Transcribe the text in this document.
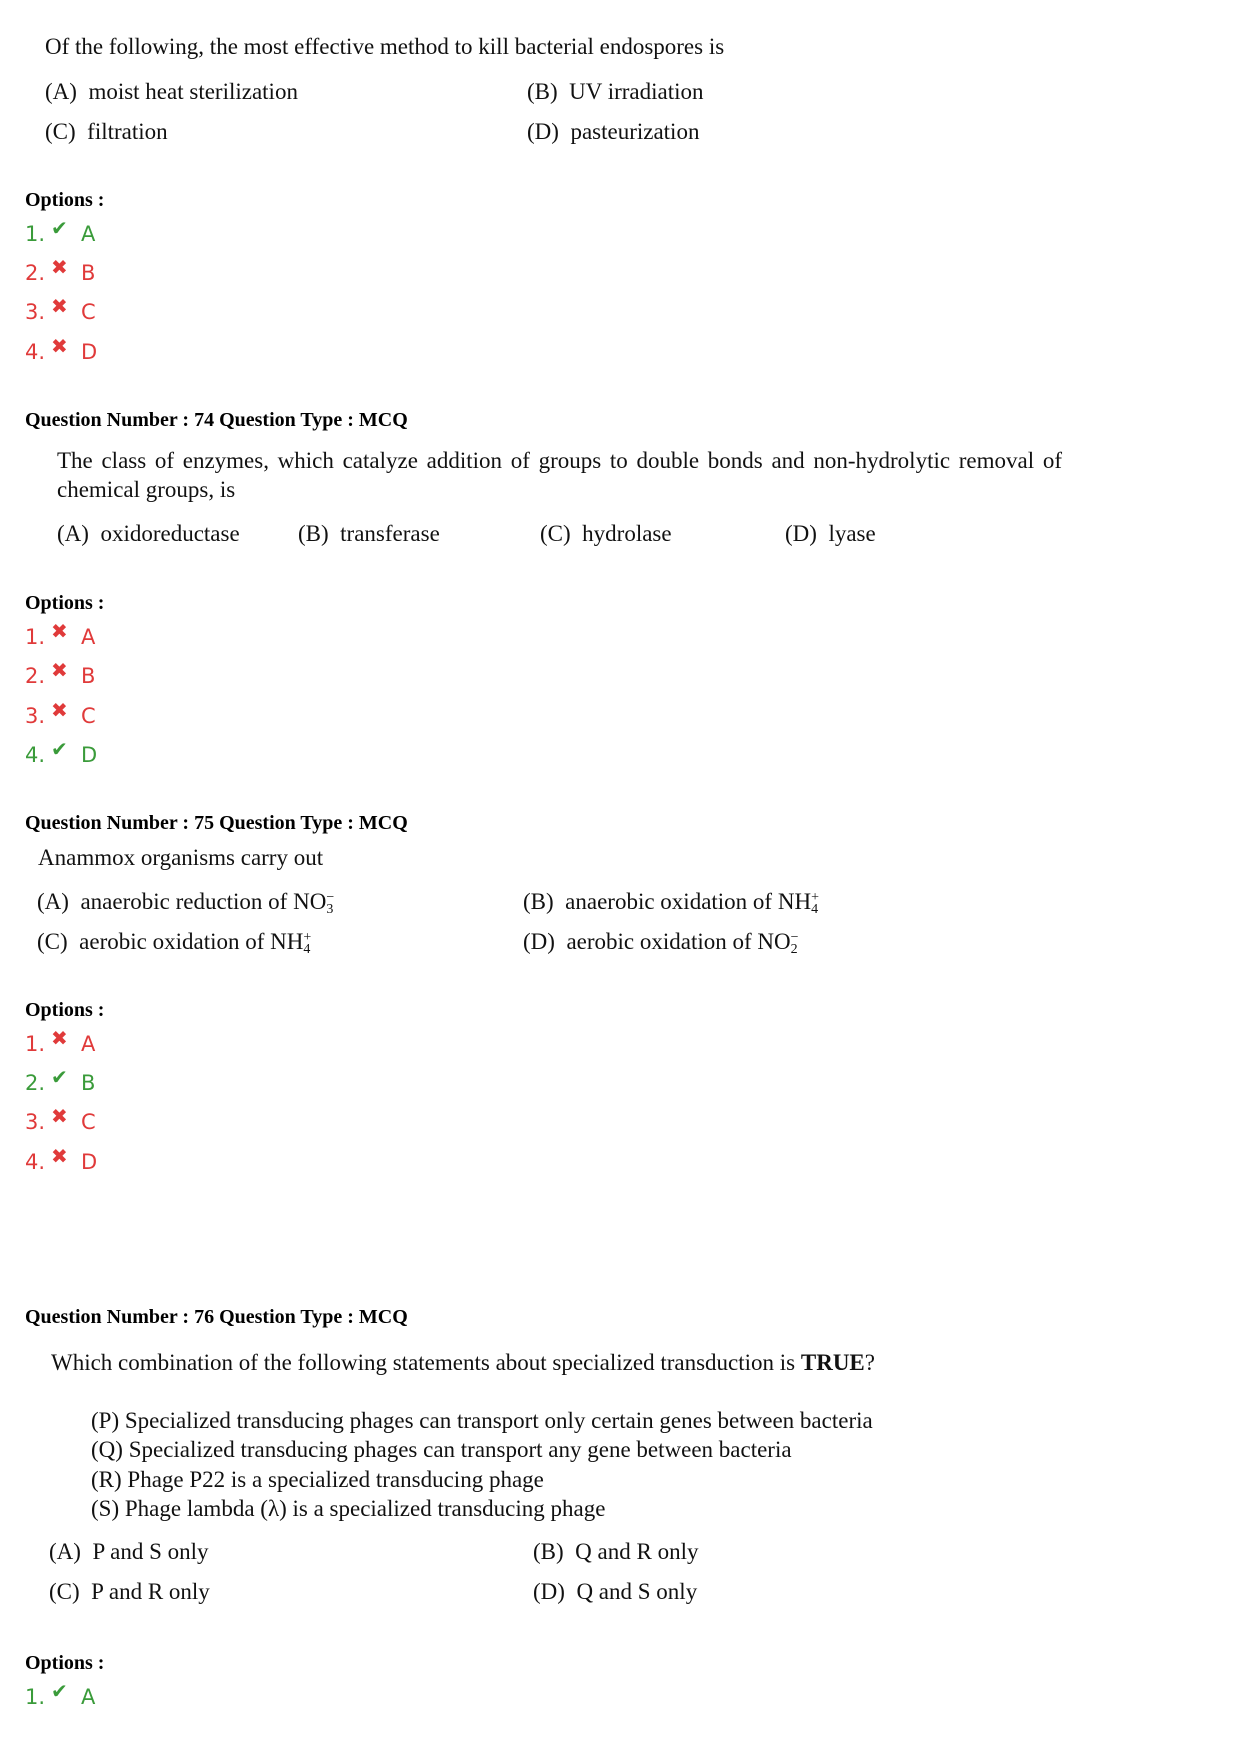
Of the following, the most effective method to kill bacterial endospores is
(A) moist heat sterilization	(B) UV irradiation
(C) filtration	(D) pasteurization
Options :
1. ✔ A
2. ✖ B
3. ✖ C
4. ✖ D
Question Number : 74 Question Type : MCQ
The class of enzymes, which catalyze addition of groups to double bonds and non-hydrolytic removal of chemical groups, is
(A) oxidoreductase	(B) transferase	(C) hydrolase	(D) lyase
Options :
1. ✖ A
2. ✖ B
3. ✖ C
4. ✔ D
Question Number : 75 Question Type : MCQ
Anammox organisms carry out
(A) anaerobic reduction of NO −
3	(B) anaerobic oxidation of NH +
4
(C) aerobic oxidation of NH +
4	(D) aerobic oxidation of NO −
2
Options :
1. ✖ A
2. ✔ B
3. ✖ C
4. ✖ D
Question Number : 76 Question Type : MCQ
Which combination of the following statements about specialized transduction is TRUE?
(P) Specialized transducing phages can transport only certain genes between bacteria
(Q) Specialized transducing phages can transport any gene between bacteria
(R) Phage P22 is a specialized transducing phage
(S) Phage lambda (λ) is a specialized transducing phage
(A) P and S only	(B) Q and R only
(C) P and R only	(D) Q and S only
Options :
1. ✔ A
